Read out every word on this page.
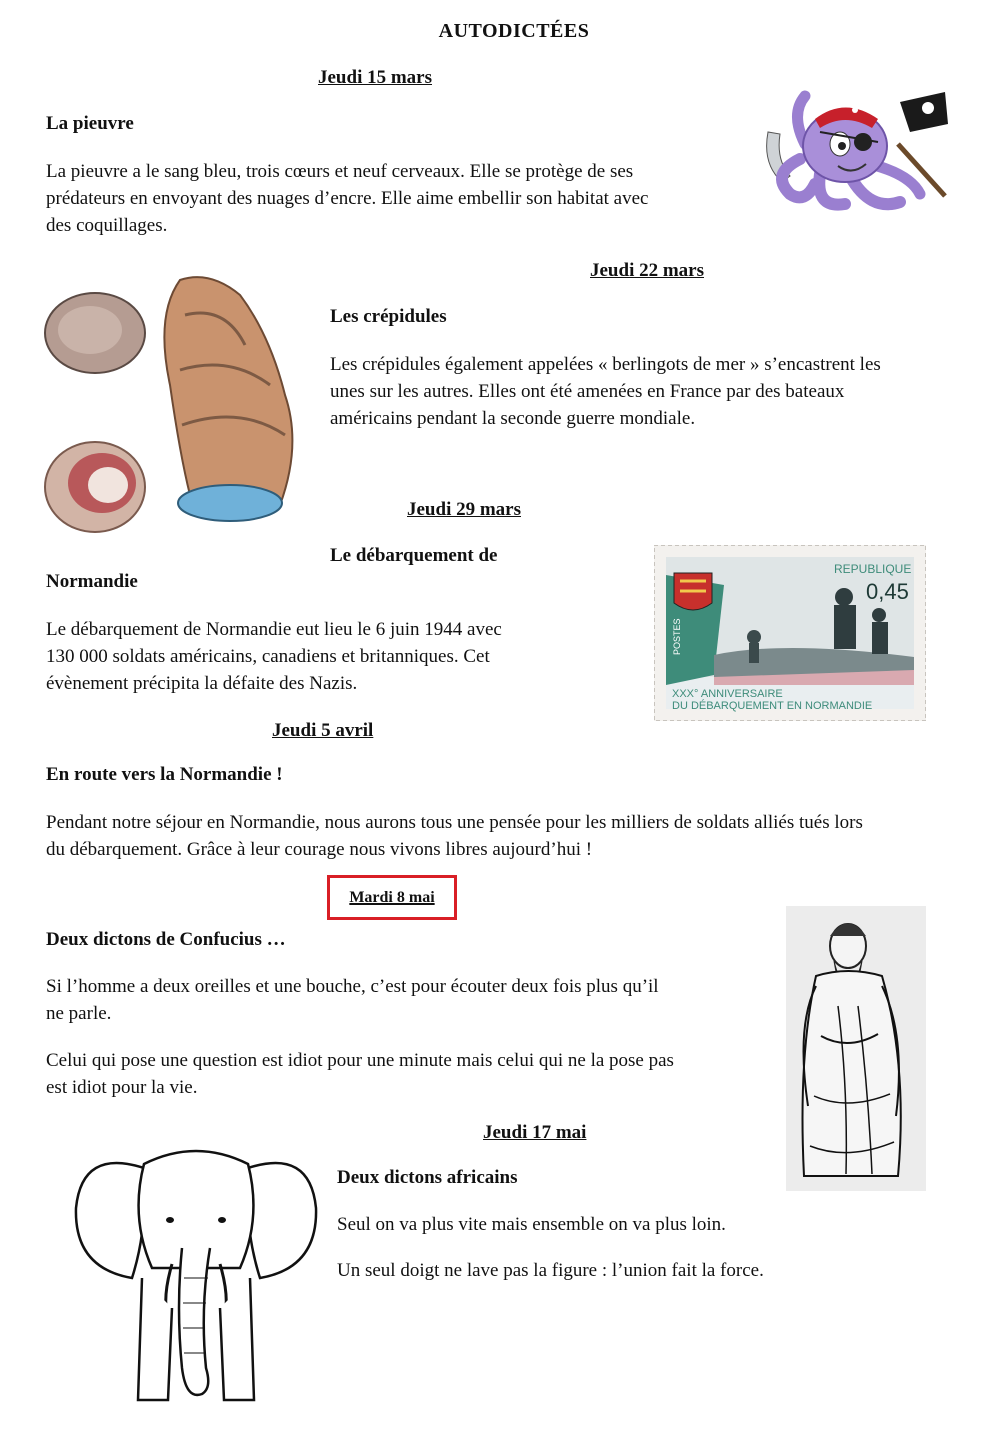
AUTODICTÉES
Jeudi 15 mars
La pieuvre

La pieuvre a le sang bleu, trois cœurs et neuf cerveaux. Elle se protège de ses

prédateurs en envoyant des nuages d’encre. Elle aime embellir son habitat avec

des coquillages.

Jeudi 22 mars
Les crépidules

Les crépidules également appelées « berlingots de mer » s’encastrent les

unes sur les autres. Elles ont été amenées en France par des bateaux

américains pendant la seconde guerre mondiale.

Jeudi 29 mars
Le débarquement de
Normandie

Le débarquement de Normandie eut lieu le 6 juin 1944 avec

130 000 soldats américains, canadiens et britanniques. Cet

évènement précipita la défaite des Nazis.

REPUBLIQUE
0,45
XXX° ANNIVERSAIRE
DU DÉBARQUEMENT EN NORMANDIE
POSTES
Jeudi 5 avril
En route vers la Normandie !

Pendant notre séjour en Normandie, nous aurons tous une pensée pour les milliers de soldats alliés tués lors

du débarquement. Grâce à leur courage nous vivons libres aujourd’hui !

Mardi 8 mai
Deux dictons de Confucius …

Si l’homme a deux oreilles et une bouche, c’est pour écouter deux fois plus qu’il

ne parle.

Celui qui pose une question est idiot pour une minute mais celui qui ne la pose pas

est idiot pour la vie.

Jeudi 17 mai
Deux dictons africains

Seul on va plus vite mais ensemble on va plus loin.

Un seul doigt ne lave pas la figure : l’union fait la force.
